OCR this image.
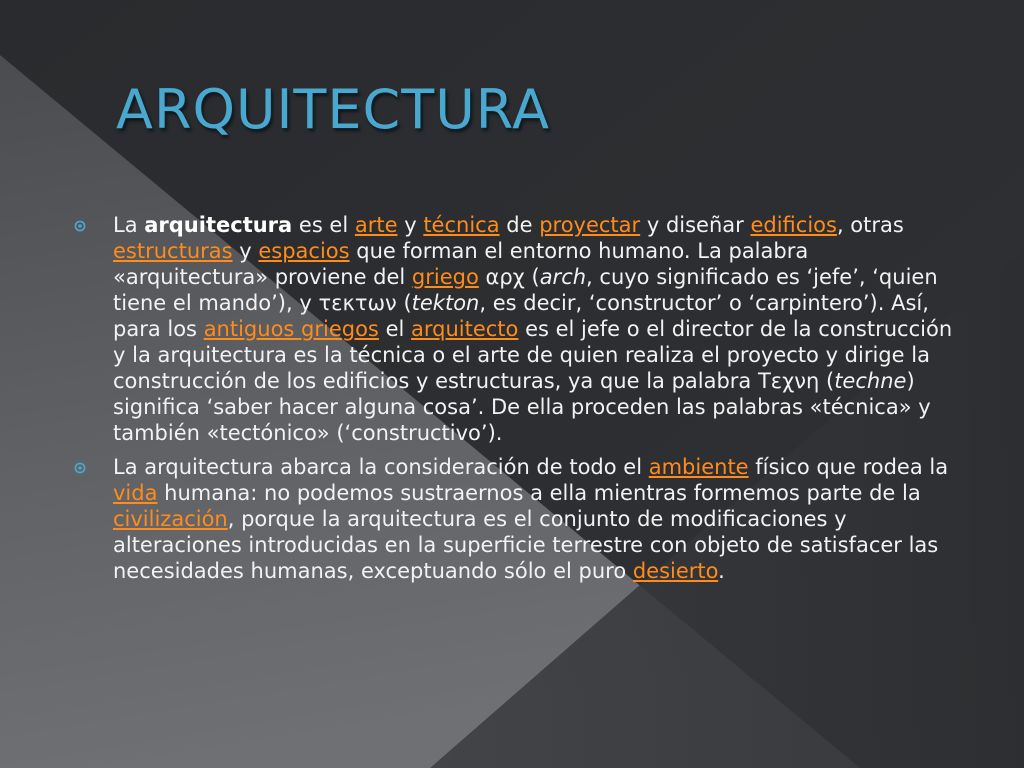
ARQUITECTURA

La arquitectura es el arte y técnica de proyectar y diseñar edificios, otras estructuras y espacios que forman el entorno humano. La palabra «arquitectura» proviene del griego αρχ (arch, cuyo significado es ‘jefe’, ‘quien tiene el mando’), y τεκτων (tekton, es decir, ‘constructor’ o ‘carpintero’). Así, para los antiguos griegos el arquitecto es el jefe o el director de la construcción y la arquitectura es la técnica o el arte de quien realiza el proyecto y dirige la construcción de los edificios y estructuras, ya que la palabra Τεχνη (techne) significa ‘saber hacer alguna cosa’. De ella proceden las palabras «técnica» y también «tectónico» (‘constructivo’).

La arquitectura abarca la consideración de todo el ambiente físico que rodea la vida humana: no podemos sustraernos a ella mientras formemos parte de la civilización, porque la arquitectura es el conjunto de modificaciones y alteraciones introducidas en la superficie terrestre con objeto de satisfacer las necesidades humanas, exceptuando sólo el puro desierto.
